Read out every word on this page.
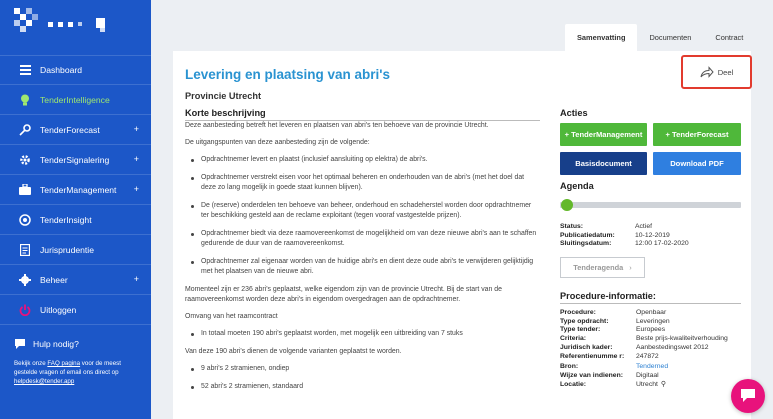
Dashboard
TenderIntelligence
TenderForecast	+
TenderSignalering	+
TenderManagement +
TenderInsight
Jurisprudentie
Beheer	+
Uitloggen
Hulp nodig?
Bekijk onze FAQ pagina voor de meest gestelde vragen of email ons direct op helpdesk@tender.app
Samenvatting	Documenten	Contract
Levering en plaatsing van abri's
Provincie Utrecht
Deel
Korte beschrijving

Deze aanbesteding betreft het leveren en plaatsen van abri's ten behoeve van de provincie Utrecht.

De uitgangspunten van deze aanbesteding zijn de volgende:

Opdrachtnemer levert en plaatst (inclusief aansluiting op elektra) de abri's.
Opdrachtnemer verstrekt eisen voor het optimaal beheren en onderhouden van de abri's (met het doel dat deze zo lang mogelijk in goede staat kunnen blijven).
De (reserve) onderdelen ten behoeve van beheer, onderhoud en schadeherstel worden door opdrachtnemer ter beschikking gesteld aan de reclame exploitant (tegen vooraf vastgestelde prijzen).
Opdrachtnemer biedt via deze raamovereenkomst de mogelijkheid om van deze nieuwe abri's aan te schaffen gedurende de duur van de raamovereenkomst.
Opdrachtnemer zal eigenaar worden van de huidige abri's en dient deze oude abri's te verwijderen gelijktijdig met het plaatsen van de nieuwe abri.

Momenteel zijn er 236 abri's geplaatst, welke eigendom zijn van de provincie Utrecht. Bij de start van de raamovereenkomst worden deze abri's in eigendom overgedragen aan de opdrachtnemer.

Omvang van het raamcontract

In totaal moeten 190 abri's geplaatst worden, met mogelijk een uitbreiding van 7 stuks

Van deze 190 abri's dienen de volgende varianten geplaatst te worden.

9 abri's 2 stramienen, ondiep
52 abri's 2 stramienen, standaard
Acties
+ TenderManagement	+ TenderForecast
Basisdocument	Download PDF
Agenda
Status:	Actief
Publicatiedatum:	10-12-2019
Sluitingsdatum:	12:00 17-02-2020
Tenderagenda ›
Procedure-informatie:
Procedure:	Openbaar
Type opdracht:	Leveringen
Type tender:	Europees
Criteria:	Beste prijs-kwaliteitverhouding
Juridisch kader:	Aanbestedingswet 2012
Referentienumme r:	247872
Bron:	Tenderned
Wijze van indienen:	Digitaal
Locatie:	Utrecht ⚲
